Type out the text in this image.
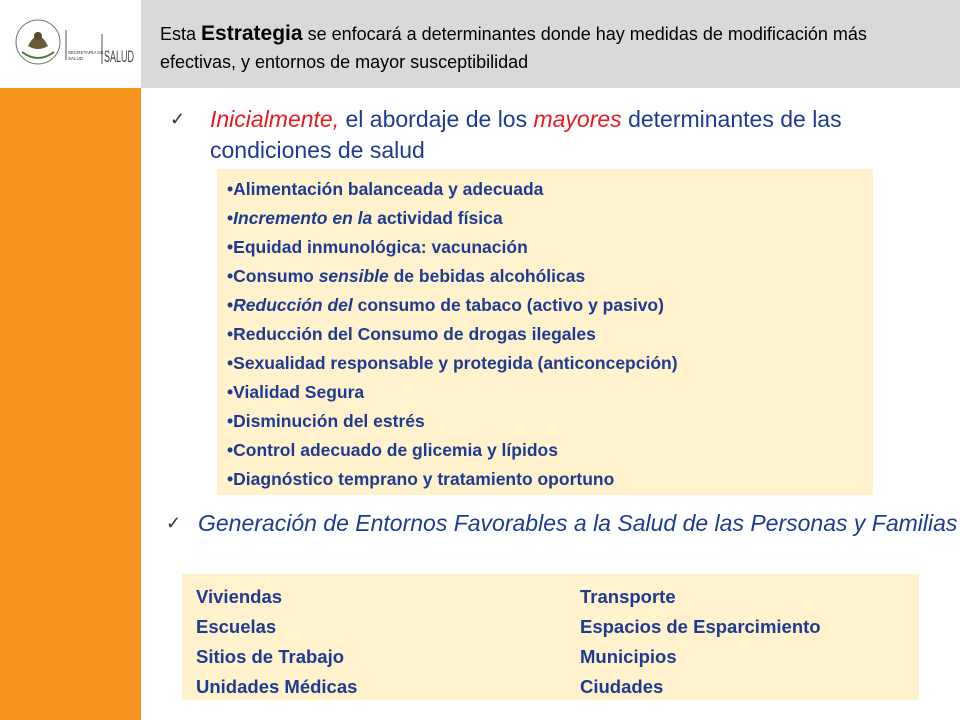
SECRETARÍA DE
SALUD SALUD
Esta Estrategia se enfocará a determinantes donde hay medidas de modificación más efectivas, y entornos de mayor susceptibilidad
✓ Inicialmente, el abordaje de los mayores determinantes de las condiciones de salud
• Alimentación balanceada y adecuada
• Incremento en la actividad física
• Equidad inmunológica: vacunación
• Consumo sensible de bebidas alcohólicas
• Reducción del consumo de tabaco (activo y pasivo)
• Reducción del Consumo de drogas ilegales
• Sexualidad responsable y protegida (anticoncepción)
• Vialidad Segura
• Disminución del estrés
• Control adecuado de glicemia y lípidos
• Diagnóstico temprano y tratamiento oportuno
✓ Generación de Entornos Favorables a la Salud de las Personas y Familias
Viviendas
Escuelas
Sitios de Trabajo
Unidades Médicas
Transporte
Espacios de Esparcimiento
Municipios
Ciudades
